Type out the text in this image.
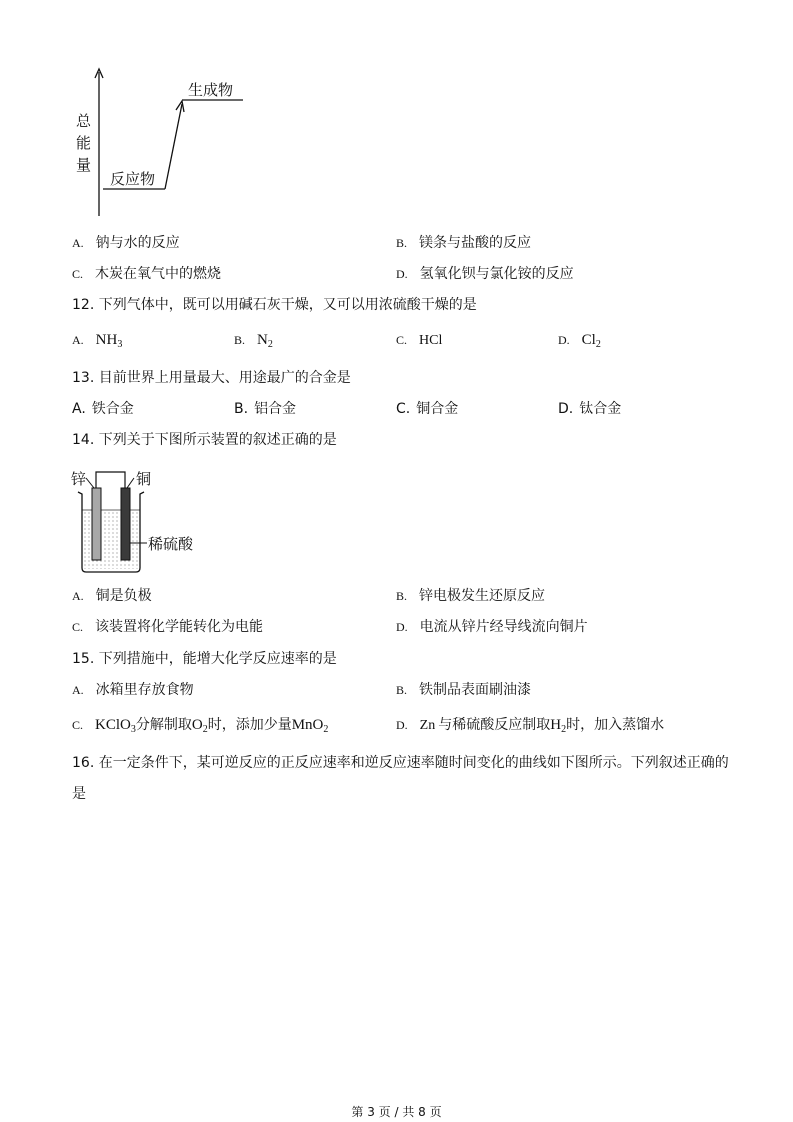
总
能
量
生成物
反应物
A. 钠与水的反应	B. 镁条与盐酸的反应
C. 木炭在氧气中的燃烧	D. 氢氧化钡与氯化铵的反应
12. 下列气体中，既可以用碱石灰干燥，又可以用浓硫酸干燥的是
A. $NH_3$	B. $N_2$	C. HCl	D. $Cl_2$
13. 目前世界上用量最大、用途最广的合金是
A. 铁合金	B. 铝合金	C. 铜合金	D. 钛合金
14. 下列关于下图所示装置的叙述正确的是
锌	铜
稀硫酸
A. 铜是负极	B. 锌电极发生还原反应
C. 该装置将化学能转化为电能	D. 电流从锌片经导线流向铜片
15. 下列措施中，能增大化学反应速率的是
A. 冰箱里存放食物	B. 铁制品表面刷油漆
C. KClO$_3$分解制取$O_2$时，添加少量MnO$_2$	D. Zn 与稀硫酸反应制取$H_2$时，加入蒸馏水
16. 在一定条件下，某可逆反应的正反应速率和逆反应速率随时间变化的曲线如下图所示。下列叙述正确的
是
第 3 页 / 共 8 页
